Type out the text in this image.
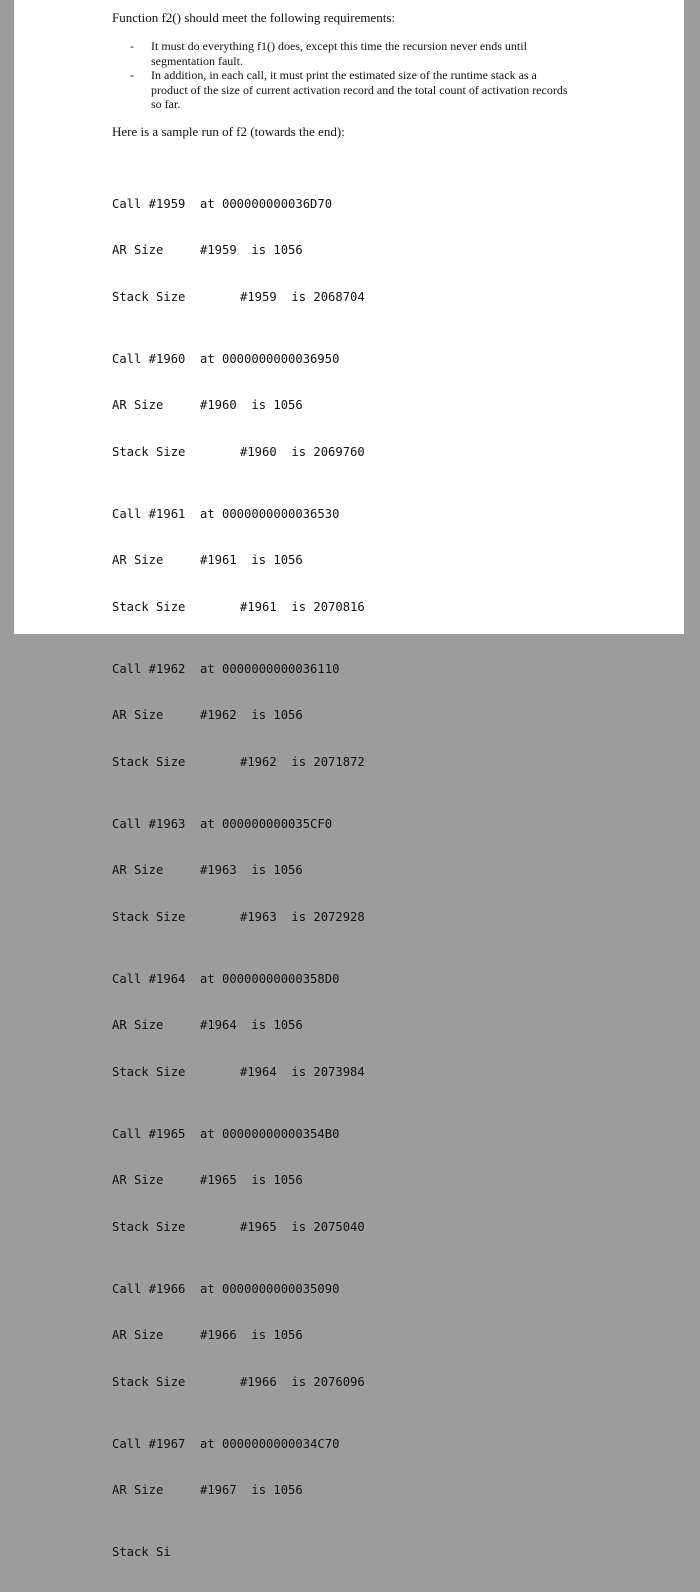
Function f2() should meet the following requirements:
- It must do everything f1() does, except this time the recursion never ends until segmentation fault.
- In addition, in each call, it must print the estimated size of the runtime stack as a product of the size of current activation record and the total count of activation records so far.
Here is a sample run of f2 (towards the end):

Call #1959 at 000000000036D70

AR Size	#1959  is 1056

Stack Size	#1959  is 2068704

Call #1960 at 0000000000036950

AR Size	#1960  is 1056

Stack Size	#1960  is 2069760

Call #1961 at 0000000000036530

AR Size	#1961  is 1056

Stack Size	#1961  is 2070816

Call #1962 at 0000000000036110

AR Size	#1962  is 1056

Stack Size	#1962  is 2071872

Call #1963 at 000000000035CF0

AR Size	#1963  is 1056

Stack Size	#1963  is 2072928

Call #1964 at 00000000000358D0

AR Size	#1964  is 1056

Stack Size	#1964  is 2073984

Call #1965 at 00000000000354B0

AR Size	#1965  is 1056

Stack Size	#1965  is 2075040

Call #1966 at 0000000000035090

AR Size	#1966  is 1056

Stack Size	#1966  is 2076096

Call #1967 at 0000000000034C70

AR Size	#1967  is 1056

Stack Si
